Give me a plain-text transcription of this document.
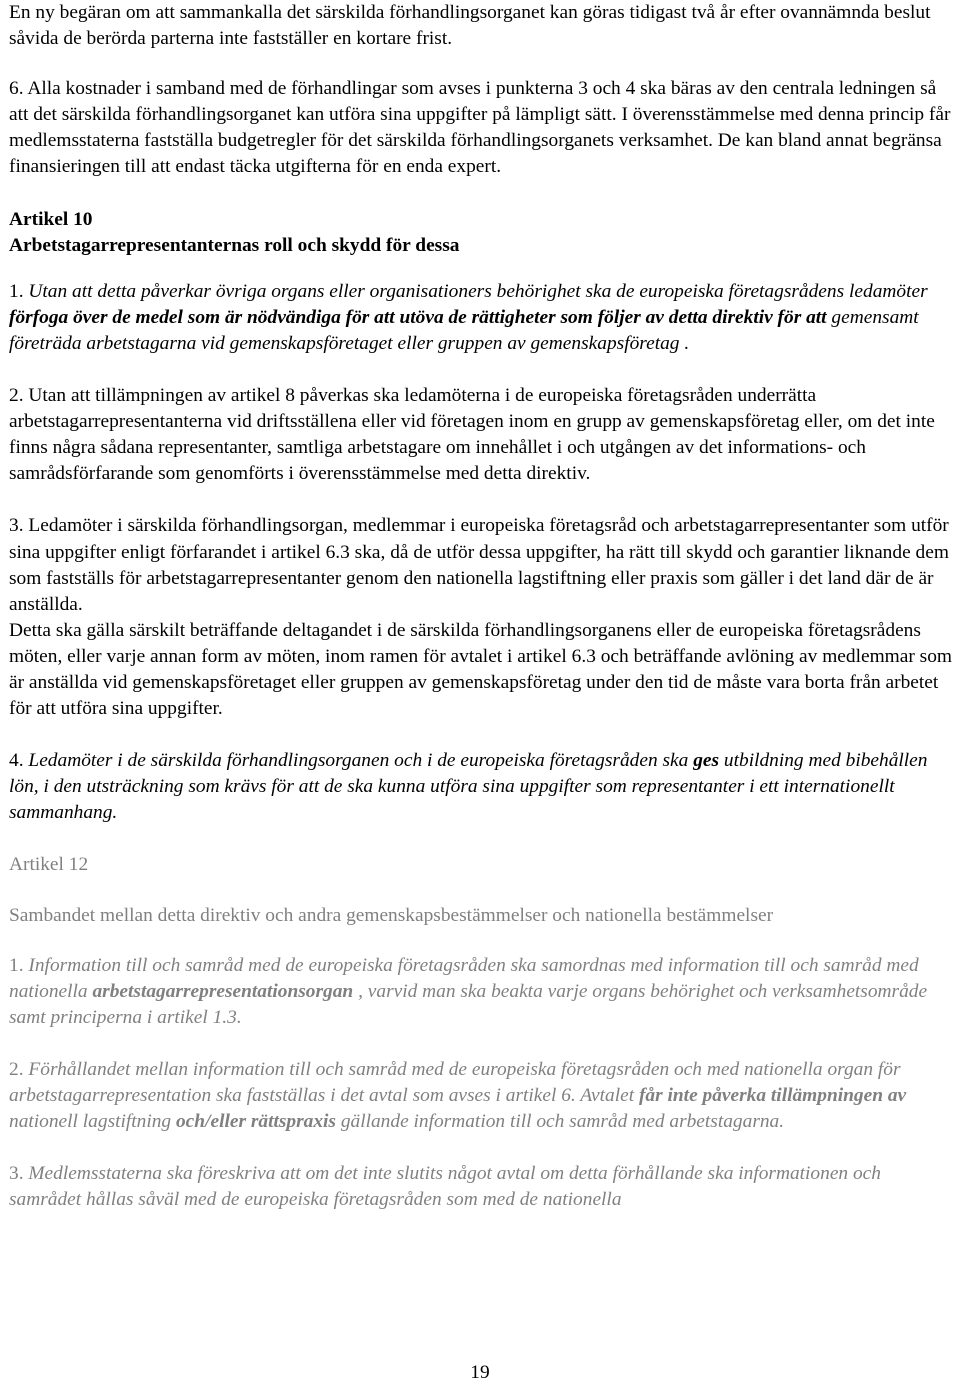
En ny begäran om att sammankalla det särskilda förhandlingsorganet kan göras tidigast två år efter ovannämnda beslut såvida de berörda parterna inte fastställer en kortare frist.

6. Alla kostnader i samband med de förhandlingar som avses i punkterna 3 och 4 ska bäras av den centrala ledningen så att det särskilda förhandlingsorganet kan utföra sina uppgifter på lämpligt sätt. I överensstämmelse med denna princip får medlemsstaterna fastställa budgetregler för det särskilda förhandlingsorganets verksamhet. De kan bland annat begränsa finansieringen till att endast täcka utgifterna för en enda expert.

Artikel 10

Arbetstagarrepresentanternas roll och skydd för dessa

1. Utan att detta påverkar övriga organs eller organisationers behörighet ska de europeiska företagsrådens ledamöter förfoga över de medel som är nödvändiga för att utöva de rättigheter som följer av detta direktiv för att gemensamt företräda arbetstagarna vid gemenskapsföretaget eller gruppen av gemenskapsföretag .

2. Utan att tillämpningen av artikel 8 påverkas ska ledamöterna i de europeiska företagsråden underrätta arbetstagarrepresentanterna vid driftsställena eller vid företagen inom en grupp av gemenskapsföretag eller, om det inte finns några sådana representanter, samtliga arbetstagare om innehållet i och utgången av det informations- och samrådsförfarande som genomförts i överensstämmelse med detta direktiv.

3. Ledamöter i särskilda förhandlingsorgan, medlemmar i europeiska företagsråd och arbetstagarrepresentanter som utför sina uppgifter enligt förfarandet i artikel 6.3 ska, då de utför dessa uppgifter, ha rätt till skydd och garantier liknande dem som fastställs för arbetstagarrepresentanter genom den nationella lagstiftning eller praxis som gäller i det land där de är anställda.

Detta ska gälla särskilt beträffande deltagandet i de särskilda förhandlingsorganens eller de europeiska företagsrådens möten, eller varje annan form av möten, inom ramen för avtalet i artikel 6.3 och beträffande avlöning av medlemmar som är anställda vid gemenskapsföretaget eller gruppen av gemenskapsföretag under den tid de måste vara borta från arbetet för att utföra sina uppgifter.

4. Ledamöter i de särskilda förhandlingsorganen och i de europeiska företagsråden ska ges utbildning med bibehållen lön, i den utsträckning som krävs för att de ska kunna utföra sina uppgifter som representanter i ett internationellt sammanhang.

Artikel 12

Sambandet mellan detta direktiv och andra gemenskapsbestämmelser och nationella bestämmelser

1. Information till och samråd med de europeiska företagsråden ska samordnas med information till och samråd med nationella arbetstagarrepresentationsorgan , varvid man ska beakta varje organs behörighet och verksamhetsområde samt principerna i artikel 1.3.

2. Förhållandet mellan information till och samråd med de europeiska företagsråden och med nationella organ för arbetstagarrepresentation ska fastställas i det avtal som avses i artikel 6. Avtalet får inte påverka tillämpningen av nationell lagstiftning och/eller rättspraxis gällande information till och samråd med arbetstagarna.

3. Medlemsstaterna ska föreskriva att om det inte slutits något avtal om detta förhållande ska informationen och samrådet hållas såväl med de europeiska företagsråden som med de nationella

19
